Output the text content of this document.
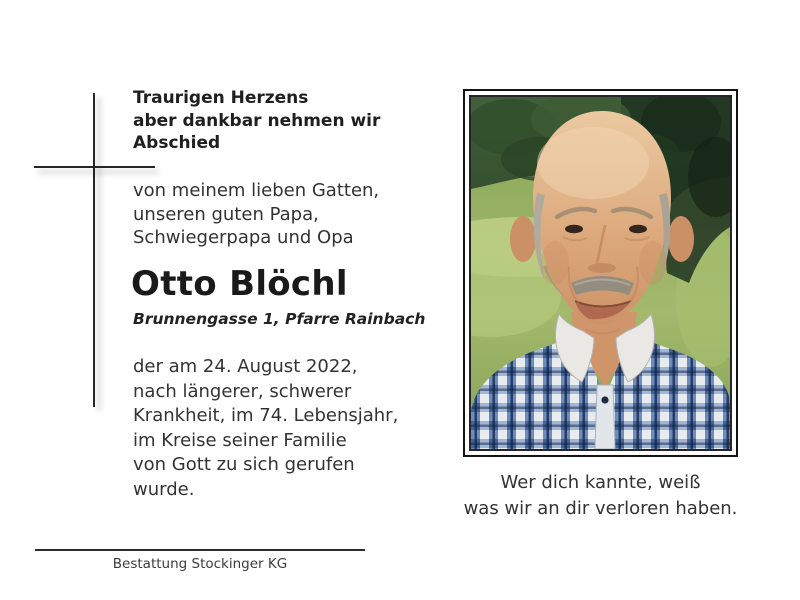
Traurigen Herzens
aber dankbar nehmen wir
Abschied
von meinem lieben Gatten,
unseren guten Papa,
Schwiegerpapa und Opa
Otto Blöchl
Brunnengasse 1, Pfarre Rainbach
der am 24. August 2022,
nach längerer, schwerer
Krankheit, im 74. Lebensjahr,
im Kreise seiner Familie
von Gott zu sich gerufen
wurde.	Wer dich kannte, weiß
was wir an dir verloren haben.
Bestattung Stockinger KG
